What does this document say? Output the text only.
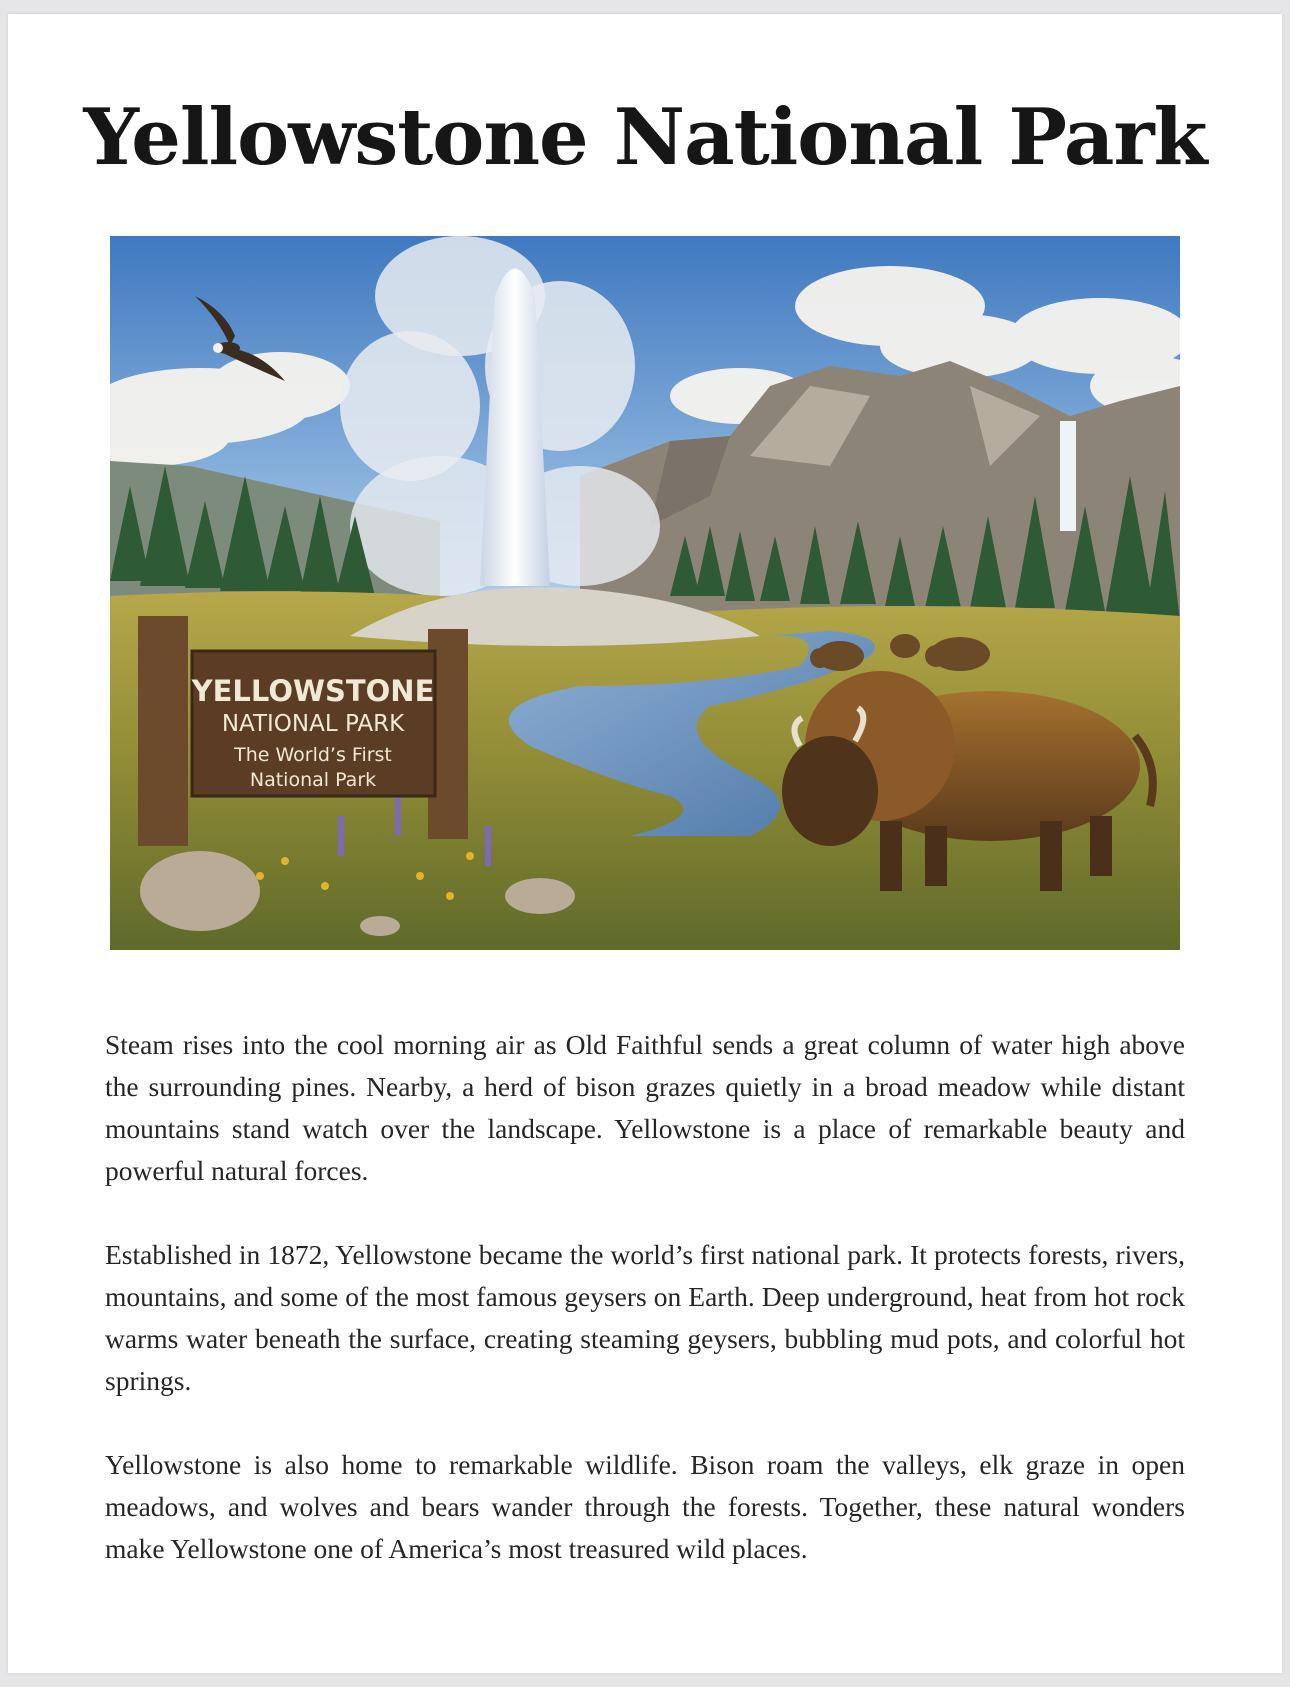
Yellowstone National Park
YELLOWSTONE
NATIONAL PARK
The World’s First
National Park

Steam rises into the cool morning air as Old Faithful sends a great column of water high above the surrounding pines. Nearby, a herd of bison grazes quietly in a broad meadow while distant mountains stand watch over the landscape. Yellowstone is a place of remarkable beauty and powerful natural forces.

Established in 1872, Yellowstone became the world’s first national park. It protects forests, rivers, mountains, and some of the most famous geysers on Earth. Deep underground, heat from hot rock warms water beneath the surface, creating steaming geysers, bubbling mud pots, and colorful hot springs.

Yellowstone is also home to remarkable wildlife. Bison roam the valleys, elk graze in open meadows, and wolves and bears wander through the forests. Together, these natural wonders make Yellowstone one of America’s most treasured wild places.
